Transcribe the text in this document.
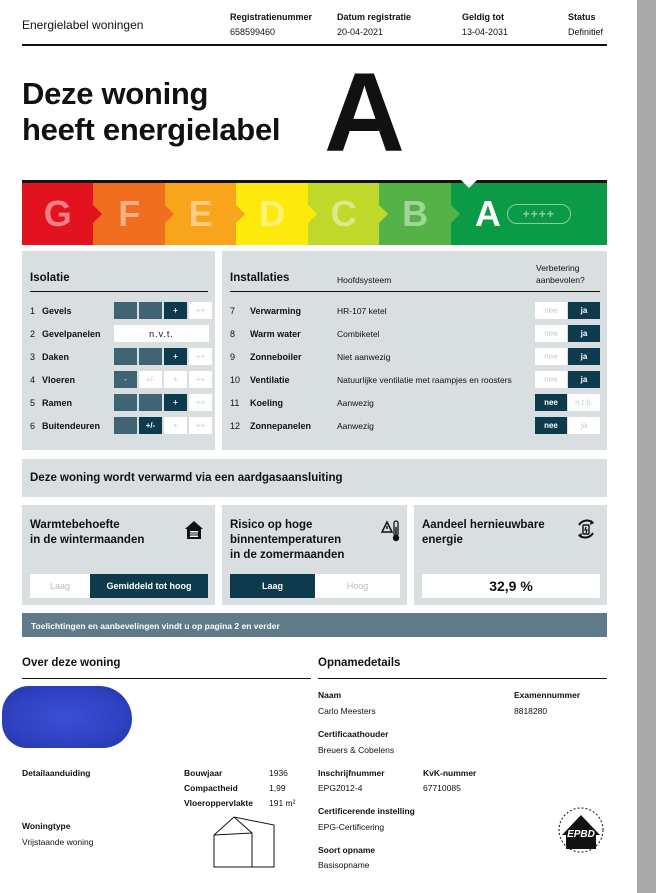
Energielabel woningen
Registratienummer
658599460
Datum registratie
20-04-2021
Geldig tot
13-04-2031
Status
Definitief
Deze woning
heeft energielabel A
G F E D C B A	++++
Isolatie
1 Gevels	+	++
2 Gevelpanelen	n.v.t.
3 Daken	+	++
4 Vloeren	-	+/-	+	++
5 Ramen	+	++
6 Buitendeuren	+/-	+	++
Installaties	Hoofdsysteem
Verbetering
aanbevolen?
7	Verwarming	HR-107 ketel	nee	ja
8	Warm water	Combiketel	nee	ja
9	Zonneboiler	Niet aanwezig	nee	ja
10	Ventilatie	Natuurlijke ventilatie met raampjes en roosters	nee	ja
11	Koeling	Aanwezig	nee	n.t.b.
12	Zonnepanelen	Aanwezig	nee	ja
Deze woning wordt verwarmd via een aardgasaansluiting
Warmtebehoefte
in de wintermaanden
Laag	Gemiddeld tot hoog
Risico op hoge
binnentemperaturen
in de zomermaanden
Laag	Hoog
Aandeel hernieuwbare
energie
32,9 %
Toelichtingen en aanbevelingen vindt u op pagina 2 en verder
Over deze woning
Detailaanduiding	Bouwjaar	1936
Compactheid	1,99
Vloeroppervlakte 191 m²
Woningtype
Vrijstaande woning
Opnamedetails
Naam
Carlo Meesters
Examennummer
8818280
Certificaathouder
Breuers & Cobelens
Inschrijfnummer
EPG2012-4
KvK-nummer
67710085
Certificerende instelling
EPG-Certificering
Soort opname
Basisopname
EPBD
